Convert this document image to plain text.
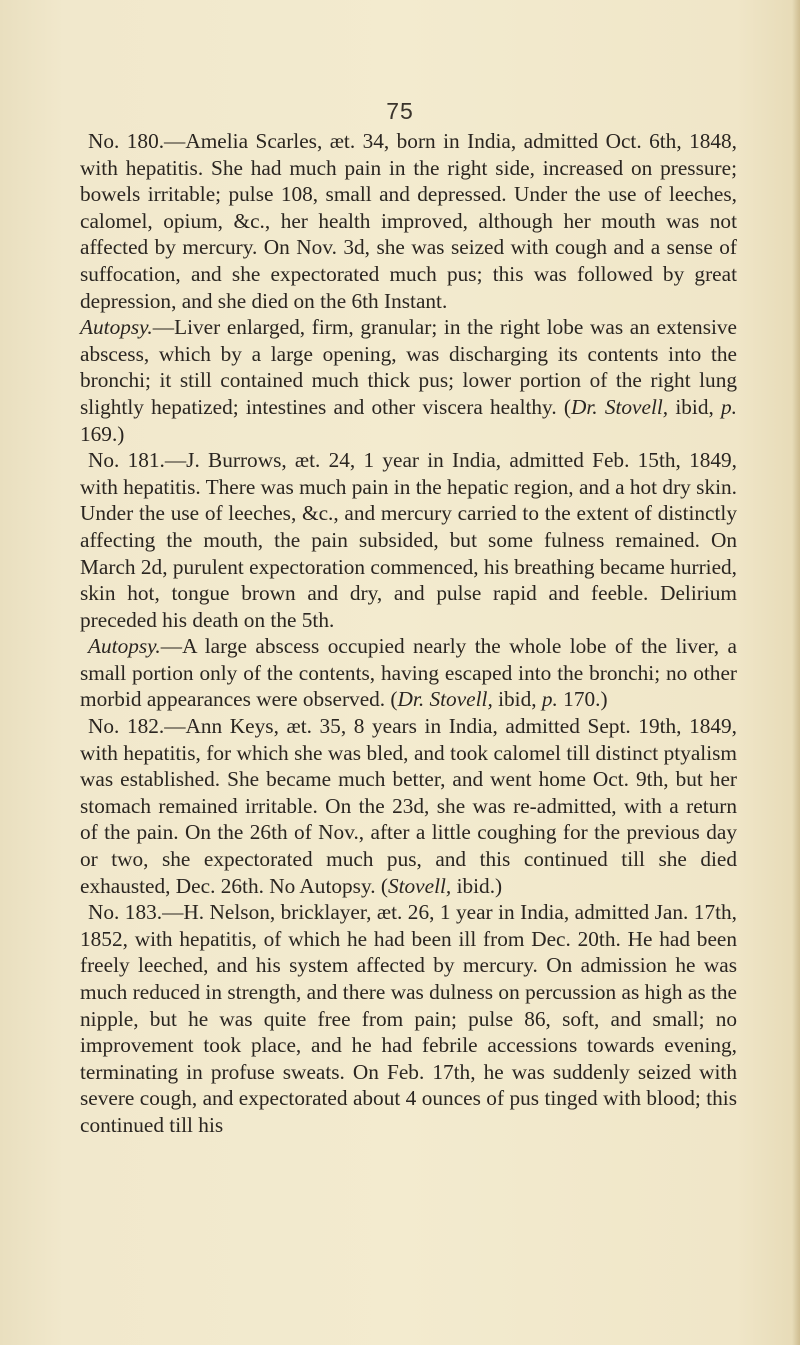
75

No. 180.—Amelia Scarles, æt. 34, born in India, admitted Oct. 6th, 1848, with hepatitis. She had much pain in the right side, increased on pressure; bowels irritable; pulse 108, small and depressed. Under the use of leeches, calomel, opium, &c., her health improved, although her mouth was not affected by mercury. On Nov. 3d, she was seized with cough and a sense of suffocation, and she expectorated much pus; this was followed by great depression, and she died on the 6th Instant.

Autopsy.—Liver enlarged, firm, granular; in the right lobe was an extensive abscess, which by a large opening, was discharging its contents into the bronchi; it still contained much thick pus; lower portion of the right lung slightly hepatized; intestines and other viscera healthy. (Dr. Stovell, ibid, p. 169.)

No. 181.—J. Burrows, æt. 24, 1 year in India, admitted Feb. 15th, 1849, with hepatitis. There was much pain in the hepatic region, and a hot dry skin. Under the use of leeches, &c., and mercury carried to the extent of distinctly affecting the mouth, the pain subsided, but some fulness remained. On March 2d, purulent expectoration commenced, his breathing became hurried, skin hot, tongue brown and dry, and pulse rapid and feeble. Delirium preceded his death on the 5th.

Autopsy.—A large abscess occupied nearly the whole lobe of the liver, a small portion only of the contents, having escaped into the bronchi; no other morbid appearances were observed. (Dr. Stovell, ibid, p. 170.)

No. 182.—Ann Keys, æt. 35, 8 years in India, admitted Sept. 19th, 1849, with hepatitis, for which she was bled, and took calomel till distinct ptyalism was established. She became much better, and went home Oct. 9th, but her stomach remained irritable. On the 23d, she was re-admitted, with a return of the pain. On the 26th of Nov., after a little coughing for the previous day or two, she expectorated much pus, and this continued till she died exhausted, Dec. 26th. No Autopsy. (Stovell, ibid.)

No. 183.—H. Nelson, bricklayer, æt. 26, 1 year in India, admitted Jan. 17th, 1852, with hepatitis, of which he had been ill from Dec. 20th. He had been freely leeched, and his system affected by mercury. On admission he was much reduced in strength, and there was dulness on percussion as high as the nipple, but he was quite free from pain; pulse 86, soft, and small; no improvement took place, and he had febrile accessions towards evening, terminating in profuse sweats. On Feb. 17th, he was suddenly seized with severe cough, and expectorated about 4 ounces of pus tinged with blood; this continued till his
